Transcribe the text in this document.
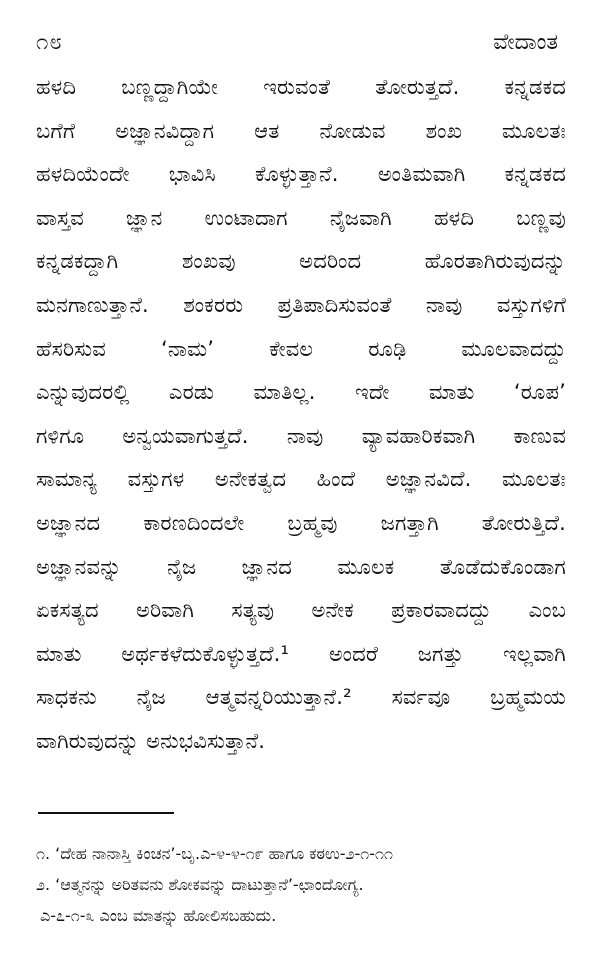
೧೮	ವೇದಾಂತ
ಹಳದಿ ಬಣ್ಣದ್ದಾಗಿಯೇ ಇರುವಂತೆ ತೋರುತ್ತದೆ. ಕನ್ನಡಕದ
ಬಗೆಗೆ ಅಜ್ಞಾನವಿದ್ದಾಗ ಆತ ನೋಡುವ ಶಂಖ ಮೂಲತಃ
ಹಳದಿಯೆಂದೇ ಭಾವಿಸಿ ಕೊಳ್ಳುತ್ತಾನೆ. ಅಂತಿಮವಾಗಿ ಕನ್ನಡಕದ
ವಾಸ್ತವ ಜ್ಞಾನ ಉಂಟಾದಾಗ ನೈಜವಾಗಿ ಹಳದಿ ಬಣ್ಣವು
ಕನ್ನಡಕದ್ದಾಗಿ ಶಂಖವು ಅದರಿಂದ ಹೊರತಾಗಿರುವುದನ್ನು
ಮನಗಾಣುತ್ತಾನೆ. ಶಂಕರರು ಪ್ರತಿಪಾದಿಸುವಂತೆ ನಾವು ವಸ್ತುಗಳಿಗೆ
ಹೆಸರಿಸುವ ‘ನಾಮ’ ಕೇವಲ ರೂಢಿ ಮೂಲವಾದದ್ದು
ಎನ್ನುವುದರಲ್ಲಿ ಎರಡು ಮಾತಿಲ್ಲ. ಇದೇ ಮಾತು ‘ರೂಪ’
ಗಳಿಗೂ ಅನ್ವಯವಾಗುತ್ತದೆ. ನಾವು ವ್ಯಾವಹಾರಿಕವಾಗಿ ಕಾಣುವ
ಸಾಮಾನ್ಯ ವಸ್ತುಗಳ ಅನೇಕತ್ವದ ಹಿಂದೆ ಅಜ್ಞಾನವಿದೆ. ಮೂಲತಃ
ಅಜ್ಞಾನದ ಕಾರಣದಿಂದಲೇ ಬ್ರಹ್ಮವು ಜಗತ್ತಾಗಿ ತೋರುತ್ತಿದೆ.
ಅಜ್ಞಾನವನ್ನು ನೈಜ ಜ್ಞಾನದ ಮೂಲಕ ತೊಡೆದುಕೊಂಡಾಗ
ಏಕಸತ್ಯದ ಅರಿವಾಗಿ ಸತ್ಯವು ಅನೇಕ ಪ್ರಕಾರವಾದದ್ದು ಎಂಬ
ಮಾತು ಅರ್ಥಕಳೆದುಕೊಳ್ಳುತ್ತದೆ.¹ ಅಂದರೆ ಜಗತ್ತು ಇಲ್ಲವಾಗಿ
ಸಾಧಕನು ನೈಜ ಆತ್ಮವನ್ನರಿಯುತ್ತಾನೆ.² ಸರ್ವವೂ ಬ್ರಹ್ಮಮಯ
ವಾಗಿರುವುದನ್ನು ಅನುಭವಿಸುತ್ತಾನೆ.
೧. ‘ದೇಹ ನಾನಾಸ್ತಿ ಕಿಂಚನ’-ಬೃ.ಎ-೪-೪-೧೯ ಹಾಗೂ ಕಠಉ-೨-೧-೧೧
೨. ‘ಆತ್ಮನನ್ನು ಅರಿತವನು ಶೋಕವನ್ನು ದಾಟುತ್ತಾನೆ’-ಛಾಂದೋಗ್ಯ.
ಎ-೭-೧-೩ ಎಂಬ ಮಾತನ್ನು ಹೋಲಿಸಬಹುದು.
